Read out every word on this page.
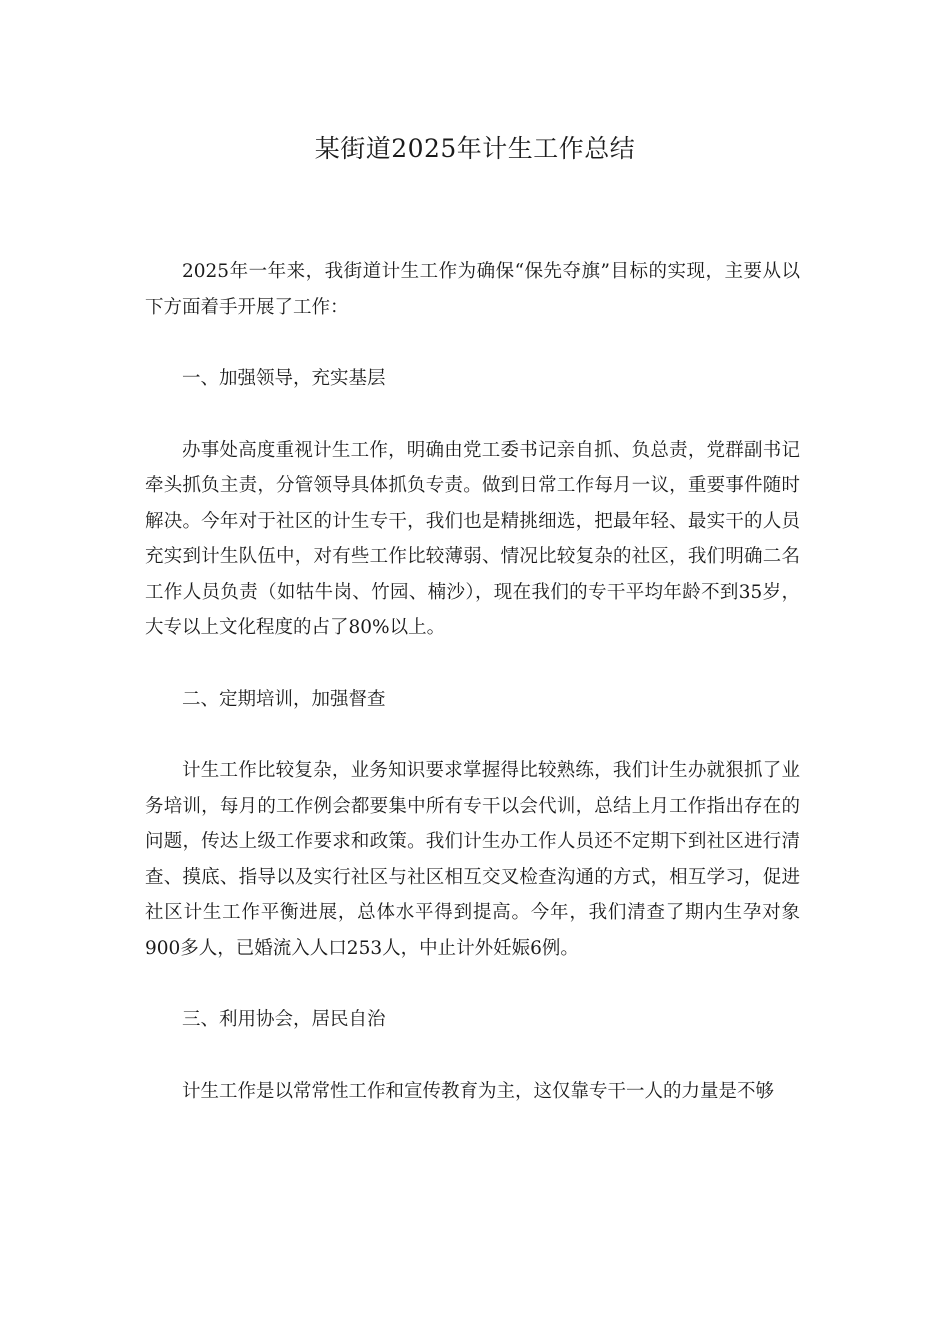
某街道2025年计生工作总结

2025年一年来，我街道计生工作为确保“保先夺旗”目标的实现，主要从以下方面着手开展了工作：

一、加强领导，充实基层

办事处高度重视计生工作，明确由党工委书记亲自抓、负总责，党群副书记牵头抓负主责，分管领导具体抓负专责。做到日常工作每月一议，重要事件随时解决。今年对于社区的计生专干，我们也是精挑细选，把最年轻、最实干的人员充实到计生队伍中，对有些工作比较薄弱、情况比较复杂的社区，我们明确二名工作人员负责（如牯牛岗、竹园、楠沙），现在我们的专干平均年龄不到35岁，大专以上文化程度的占了80%以上。

二、定期培训，加强督查

计生工作比较复杂，业务知识要求掌握得比较熟练，我们计生办就狠抓了业务培训，每月的工作例会都要集中所有专干以会代训，总结上月工作指出存在的问题，传达上级工作要求和政策。我们计生办工作人员还不定期下到社区进行清查、摸底、指导以及实行社区与社区相互交叉检查沟通的方式，相互学习，促进社区计生工作平衡进展，总体水平得到提高。今年，我们清查了期内生孕对象900多人，已婚流入人口253人，中止计外妊娠6例。

三、利用协会，居民自治

计生工作是以常常性工作和宣传教育为主，这仅靠专干一人的力量是不够
